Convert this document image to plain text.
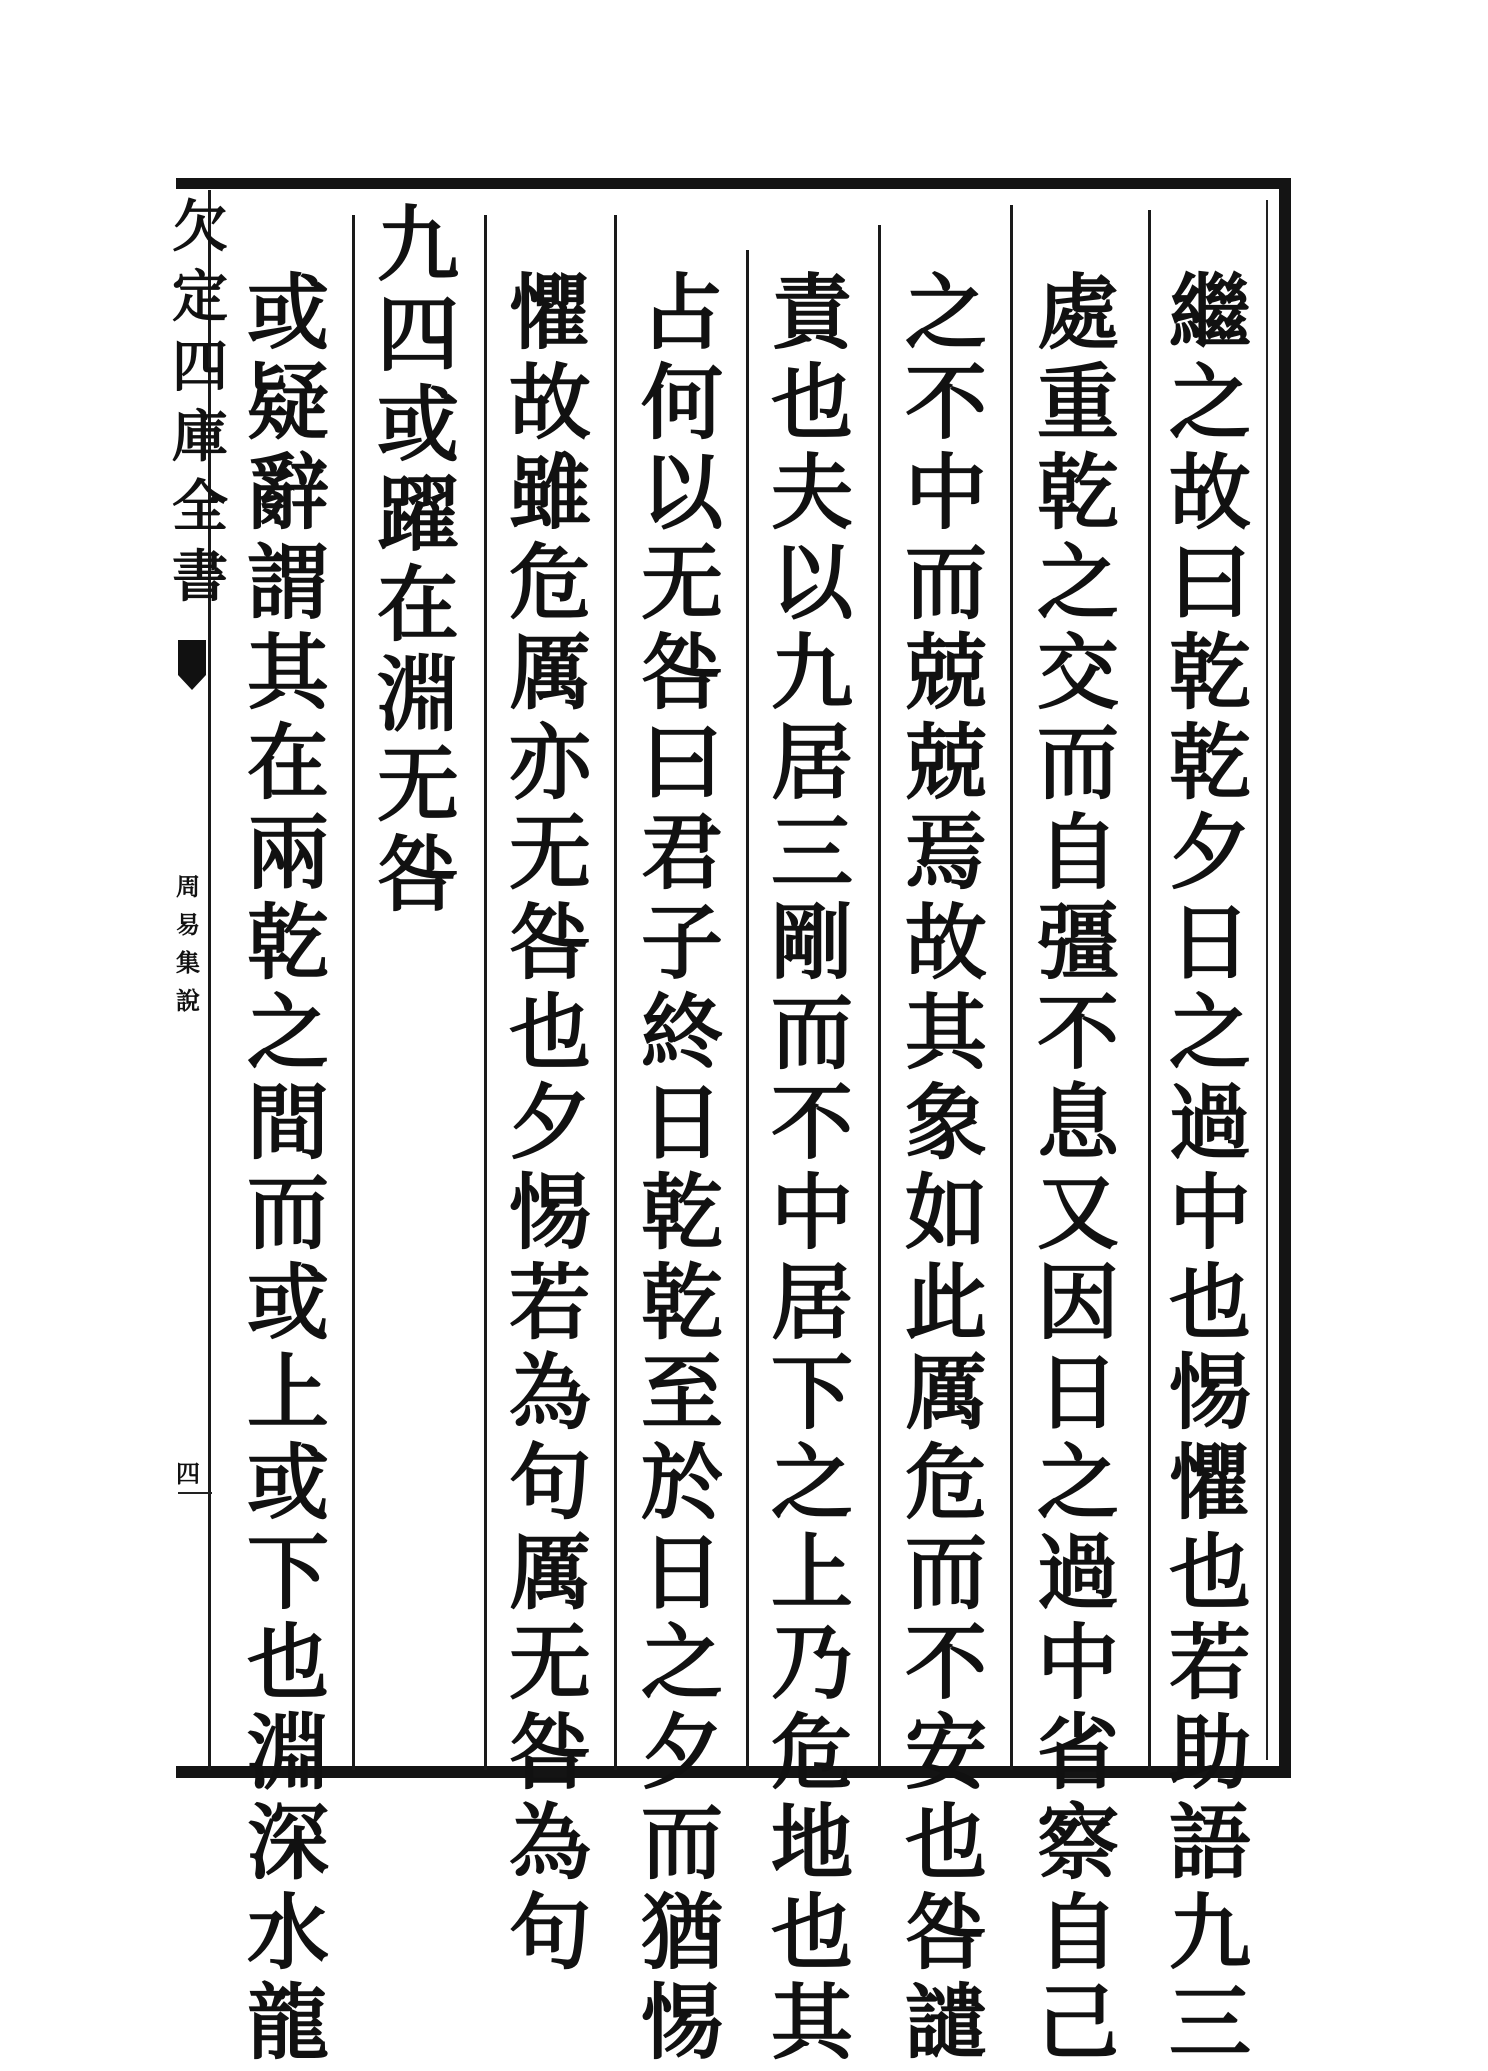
繼
之
故
曰
乾
乾
夕
日
之
過
中
也
惕
懼
也
若
助
語
九
三
處
重
乾
之
交
而
自
彊
不
息
又
因
日
之
過
中
省
察
自
己
之
不
中
而
兢
兢
焉
故
其
象
如
此
厲
危
而
不
安
也
咎
譴
責
也
夫
以
九
居
三
剛
而
不
中
居
下
之
上
乃
危
地
也
其
占
何
以
无
咎
曰
君
子
終
日
乾
乾
至
於
日
之
夕
而
猶
惕
懼
故
雖
危
厲
亦
无
咎
也
夕
惕
若
為
句
厲
无
咎
為
句
九
四
或
躍
在
淵
无
咎
或
疑
辭
謂
其
在
兩
乾
之
間
而
或
上
或
下
也
淵
深
水
龍
欠
定
四
庫
全
書
周
易
集
說
四
